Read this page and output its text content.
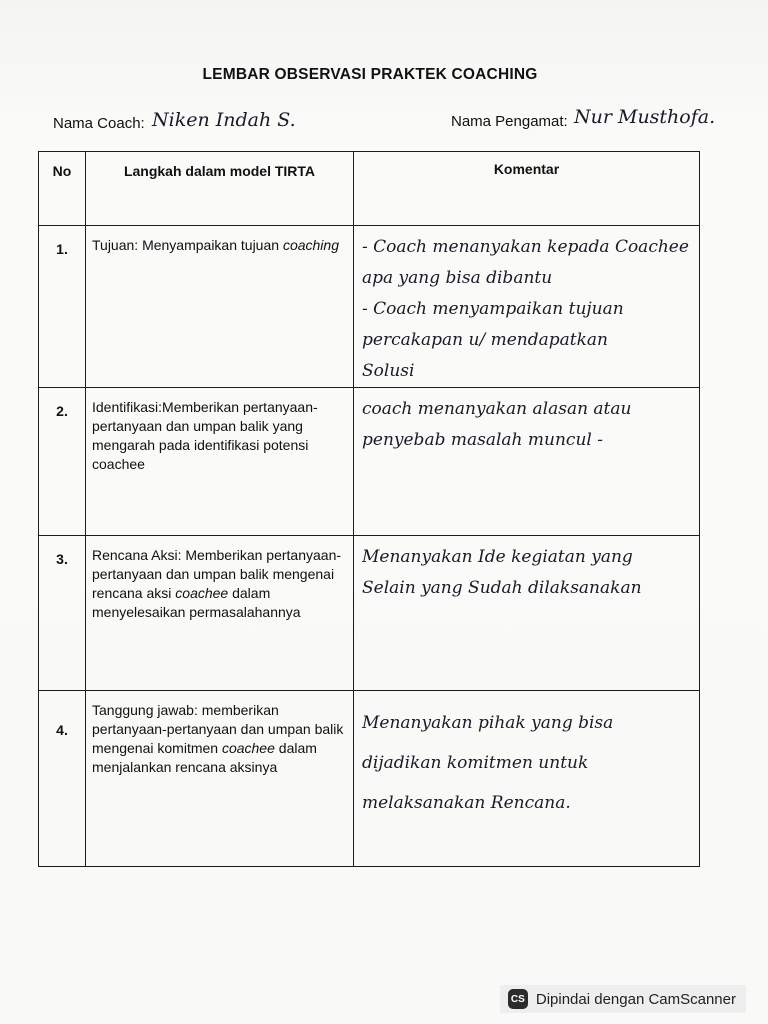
LEMBAR OBSERVASI PRAKTEK COACHING
Nama Coach: Niken Indah S.	Nama Pengamat: Nur Musthofa.
No	Langkah dalam model TIRTA	Komentar
1.	Tujuan: Menyampaikan tujuan coaching	- Coach menanyakan kepada Coachee
apa yang bisa dibantu
- Coach menyampaikan tujuan
percakapan u/ mendapatkan
Solusi

2.	Identifikasi:Memberikan pertanyaan-pertanyaan dan umpan balik yang mengarah pada identifikasi potensi coachee	coach menanyakan alasan atau
penyebab masalah muncul -

3.	Rencana Aksi: Memberikan pertanyaan-pertanyaan dan umpan balik mengenai rencana aksi coachee dalam menyelesaikan permasalahannya	Menanyakan Ide kegiatan yang
Selain yang Sudah dilaksanakan

4.	Tanggung jawab: memberikan pertanyaan-pertanyaan dan umpan balik mengenai komitmen coachee dalam menjalankan rencana aksinya	Menanyakan pihak yang bisa
dijadikan komitmen untuk
melaksanakan Rencana.
CS Dipindai dengan CamScanner
